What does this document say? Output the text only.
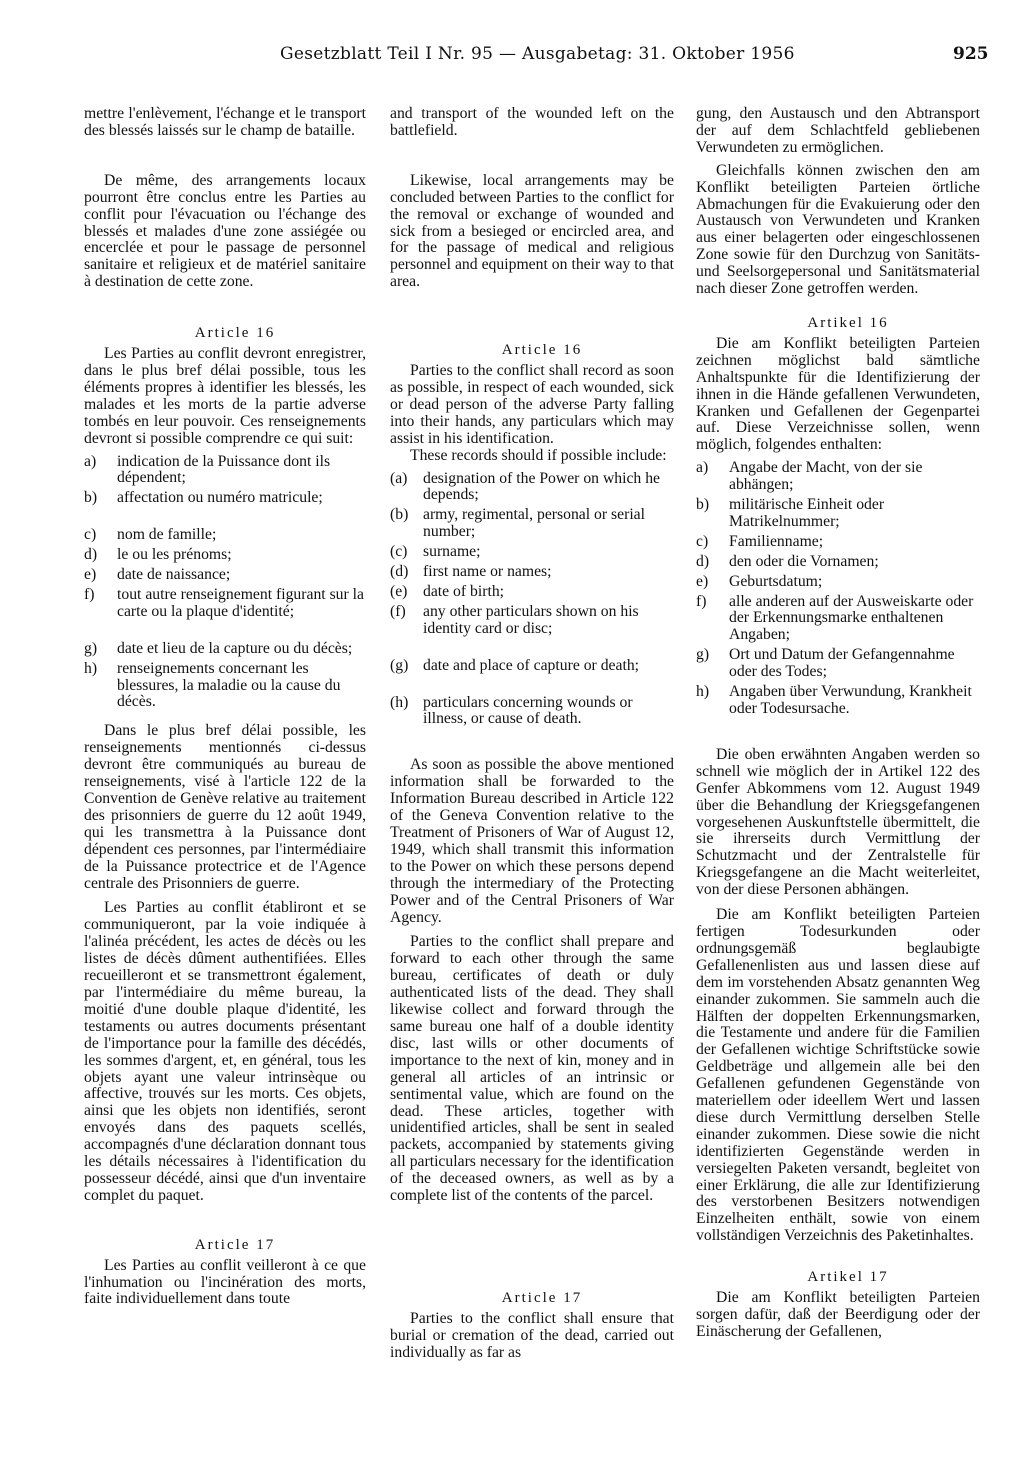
Gesetzblatt Teil I Nr. 95 — Ausgabetag: 31. Oktober 1956	925

mettre l'enlèvement, l'échange et le transport des blessés laissés sur le champ de bataille.

De même, des arrangements locaux pourront être conclus entre les Parties au conflit pour l'évacuation ou l'échange des blessés et malades d'une zone assiégée ou encerclée et pour le passage de personnel sanitaire et religieux et de matériel sanitaire à destination de cette zone.

Article 16

Les Parties au conflit devront enregistrer, dans le plus bref délai possible, tous les éléments propres à identifier les blessés, les malades et les morts de la partie adverse tombés en leur pouvoir. Ces renseignements devront si possible comprendre ce qui suit:

a)	indication de la Puissance dont ils dépendent;
b)	affectation ou numéro matricule;
c)	nom de famille;
d)	le ou les prénoms;
e)	date de naissance;
f)	tout autre renseignement figurant sur la carte ou la plaque d'identité;
g)	date et lieu de la capture ou du décès;
h)	renseignements concernant les blessures, la maladie ou la cause du décès.

Dans le plus bref délai possible, les renseignements mentionnés ci-dessus devront être communiqués au bureau de renseignements, visé à l'article 122 de la Convention de Genève relative au traitement des prisonniers de guerre du 12 août 1949, qui les transmettra à la Puissance dont dépendent ces personnes, par l'intermédiaire de la Puissance protectrice et de l'Agence centrale des Prisonniers de guerre.

Les Parties au conflit établiront et se communiqueront, par la voie indiquée à l'alinéa précédent, les actes de décès ou les listes de décès dûment authentifiées. Elles recueilleront et se transmettront également, par l'intermédiaire du même bureau, la moitié d'une double plaque d'identité, les testaments ou autres documents présentant de l'importance pour la famille des décédés, les sommes d'argent, et, en général, tous les objets ayant une valeur intrinsèque ou affective, trouvés sur les morts. Ces objets, ainsi que les objets non identifiés, seront envoyés dans des paquets scellés, accompagnés d'une déclaration donnant tous les détails nécessaires à l'identification du possesseur décédé, ainsi que d'un inventaire complet du paquet.

Article 17

Les Parties au conflit veilleront à ce que l'inhumation ou l'incinération des morts, faite individuellement dans toute

and transport of the wounded left on the battlefield.

Likewise, local arrangements may be concluded between Parties to the conflict for the removal or exchange of wounded and sick from a besieged or encircled area, and for the passage of medical and religious personnel and equipment on their way to that area.

Article 16

Parties to the conflict shall record as soon as possible, in respect of each wounded, sick or dead person of the adverse Party falling into their hands, any particulars which may assist in his identification.

These records should if possible include:

(a) designation of the Power on which he depends;
(b) army, regimental, personal or serial number;
(c) surname;
(d) first name or names;
(e) date of birth;
(f)	any other particulars shown on his identity card or disc;
(g) date and place of capture or death;
(h) particulars concerning wounds or illness, or cause of death.

As soon as possible the above mentioned information shall be forwarded to the Information Bureau described in Article 122 of the Geneva Convention relative to the Treatment of Prisoners of War of August 12, 1949, which shall transmit this information to the Power on which these persons depend through the intermediary of the Protecting Power and of the Central Prisoners of War Agency.

Parties to the conflict shall prepare and forward to each other through the same bureau, certificates of death or duly authenticated lists of the dead. They shall likewise collect and forward through the same bureau one half of a double identity disc, last wills or other documents of importance to the next of kin, money and in general all articles of an intrinsic or sentimental value, which are found on the dead. These articles, together with unidentified articles, shall be sent in sealed packets, accompanied by statements giving all particulars necessary for the identification of the deceased owners, as well as by a complete list of the contents of the parcel.

Article 17

Parties to the conflict shall ensure that burial or cremation of the dead, carried out individually as far as

gung, den Austausch und den Abtransport der auf dem Schlachtfeld gebliebenen Verwundeten zu ermöglichen.

Gleichfalls können zwischen den am Konflikt beteiligten Parteien örtliche Abmachungen für die Evakuierung oder den Austausch von Verwundeten und Kranken aus einer belagerten oder eingeschlossenen Zone sowie für den Durchzug von Sanitäts- und Seelsorgepersonal und Sanitätsmaterial nach dieser Zone getroffen werden.

Artikel 16

Die am Konflikt beteiligten Parteien zeichnen möglichst bald sämtliche Anhaltspunkte für die Identifizierung der ihnen in die Hände gefallenen Verwundeten, Kranken und Gefallenen der Gegenpartei auf. Diese Verzeichnisse sollen, wenn möglich, folgendes enthalten:

a)	Angabe der Macht, von der sie abhängen;
b)	militärische Einheit oder Matrikelnummer;
c)	Familienname;
d)	den oder die Vornamen;
e)	Geburtsdatum;
f)	alle anderen auf der Ausweiskarte oder der Erkennungsmarke enthaltenen Angaben;
g)	Ort und Datum der Gefangennahme oder des Todes;
h)	Angaben über Verwundung, Krankheit oder Todesursache.

Die oben erwähnten Angaben werden so schnell wie möglich der in Artikel 122 des Genfer Abkommens vom 12. August 1949 über die Behandlung der Kriegsgefangenen vorgesehenen Auskunftstelle übermittelt, die sie ihrerseits durch Vermittlung der Schutzmacht und der Zentralstelle für Kriegsgefangene an die Macht weiterleitet, von der diese Personen abhängen.

Die am Konflikt beteiligten Parteien fertigen Todesurkunden oder ordnungsgemäß beglaubigte Gefallenenlisten aus und lassen diese auf dem im vorstehenden Absatz genannten Weg einander zukommen. Sie sammeln auch die Hälften der doppelten Erkennungsmarken, die Testamente und andere für die Familien der Gefallenen wichtige Schriftstücke sowie Geldbeträge und allgemein alle bei den Gefallenen gefundenen Gegenstände von materiellem oder ideellem Wert und lassen diese durch Vermittlung derselben Stelle einander zukommen. Diese sowie die nicht identifizierten Gegenstände werden in versiegelten Paketen versandt, begleitet von einer Erklärung, die alle zur Identifizierung des verstorbenen Besitzers notwendigen Einzelheiten enthält, sowie von einem vollständigen Verzeichnis des Paketinhaltes.

Artikel 17

Die am Konflikt beteiligten Parteien sorgen dafür, daß der Beerdigung oder der Einäscherung der Gefallenen,
